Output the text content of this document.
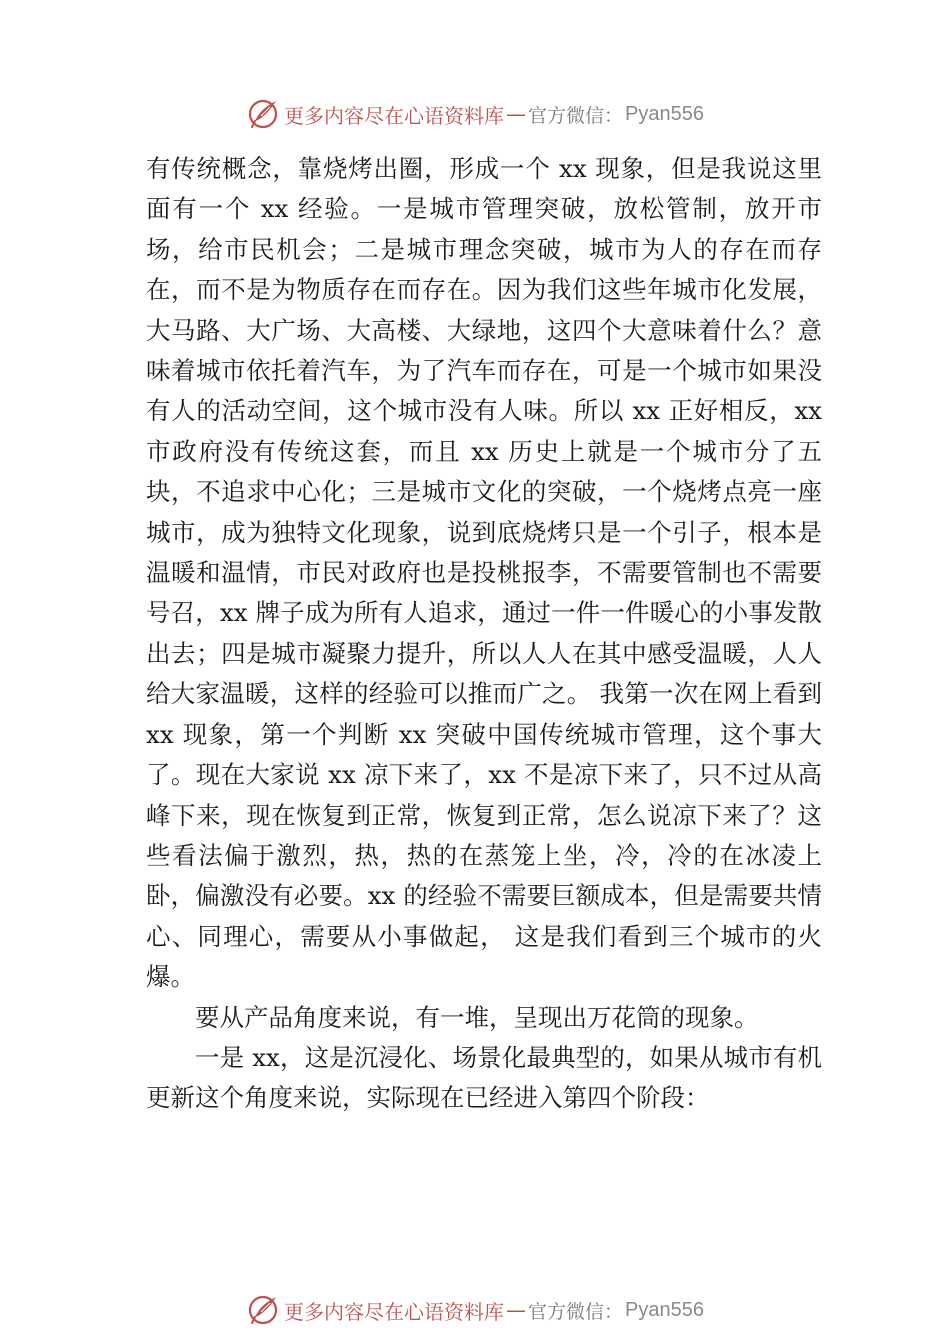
更多内容尽在心语资料库 — 官方微信： Pyan556

有传统概念，靠烧烤出圈，形成一个 xx 现象，但是我说这里面有一个 xx 经验。一是城市管理突破，放松管制，放开市场，给市民机会；二是城市理念突破，城市为人的存在而存在，而不是为物质存在而存在。因为我们这些年城市化发展，大马路、大广场、大高楼、大绿地，这四个大意味着什么？意味着城市依托着汽车，为了汽车而存在，可是一个城市如果没有人的活动空间，这个城市没有人味。所以 xx 正好相反，xx 市政府没有传统这套，而且 xx 历史上就是一个城市分了五块，不追求中心化；三是城市文化的突破，一个烧烤点亮一座城市，成为独特文化现象，说到底烧烤只是一个引子，根本是温暖和温情，市民对政府也是投桃报李，不需要管制也不需要号召，xx 牌子成为所有人追求，通过一件一件暖心的小事发散出去；四是城市凝聚力提升，所以人人在其中感受温暖，人人给大家温暖，这样的经验可以推而广之。 我第一次在网上看到 xx 现象，第一个判断 xx 突破中国传统城市管理，这个事大了。现在大家说 xx 凉下来了，xx 不是凉下来了，只不过从高峰下来，现在恢复到正常，恢复到正常，怎么说凉下来了？这些看法偏于激烈，热，热的在蒸笼上坐，冷，冷的在冰凌上卧，偏激没有必要。xx 的经验不需要巨额成本，但是需要共情心、同理心，需要从小事做起， 这是我们看到三个城市的火爆。

要从产品角度来说，有一堆，呈现出万花筒的现象。

一是 xx，这是沉浸化、场景化最典型的，如果从城市有机更新这个角度来说，实际现在已经进入第四个阶段：

更多内容尽在心语资料库 — 官方微信： Pyan556
